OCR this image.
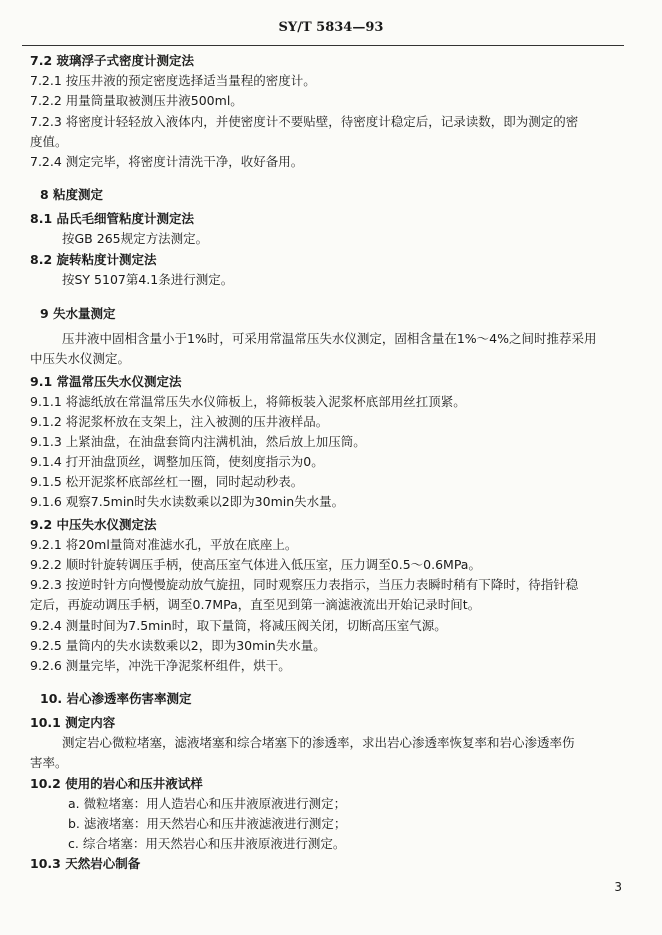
SY/T 5834—93
7.2 玻璃浮子式密度计测定法
7.2.1 按压井液的预定密度选择适当量程的密度计。
7.2.2 用量筒量取被测压井液500ml。
7.2.3 将密度计轻轻放入液体内，并使密度计不要贴壁，待密度计稳定后，记录读数，即为测定的密
度值。
7.2.4 测定完毕，将密度计清洗干净，收好备用。
8 粘度测定
8.1 品氏毛细管粘度计测定法
按GB 265规定方法测定。
8.2 旋转粘度计测定法
按SY 5107第4.1条进行测定。
9 失水量测定
压井液中固相含量小于1%时，可采用常温常压失水仪测定，固相含量在1%～4%之间时推荐采用
中压失水仪测定。
9.1 常温常压失水仪测定法
9.1.1 将滤纸放在常温常压失水仪筛板上，将筛板装入泥浆杯底部用丝扛顶紧。
9.1.2 将泥浆杯放在支架上，注入被测的压井液样品。
9.1.3 上紧油盘，在油盘套筒内注满机油，然后放上加压筒。
9.1.4 打开油盘顶丝，调整加压筒，使刻度指示为0。
9.1.5 松开泥浆杯底部丝杠一圈，同时起动秒表。
9.1.6 观察7.5min时失水读数乘以2即为30min失水量。
9.2 中压失水仪测定法
9.2.1 将20ml量筒对准滤水孔，平放在底座上。
9.2.2 顺时针旋转调压手柄，使高压室气体进入低压室，压力调至0.5～0.6MPa。
9.2.3 按逆时针方向慢慢旋动放气旋扭，同时观察压力表指示，当压力表瞬时稍有下降时，待指针稳
定后，再旋动调压手柄，调至0.7MPa，直至见到第一滴滤液流出开始记录时间t。
9.2.4 测量时间为7.5min时，取下量筒，将减压阀关闭，切断高压室气源。
9.2.5 量筒内的失水读数乘以2，即为30min失水量。
9.2.6 测量完毕，冲洗干净泥浆杯组件，烘干。
10. 岩心渗透率伤害率测定
10.1 测定内容
测定岩心微粒堵塞，滤液堵塞和综合堵塞下的渗透率，求出岩心渗透率恢复率和岩心渗透率伤
害率。
10.2 使用的岩心和压井液试样
a. 微粒堵塞：用人造岩心和压井液原液进行测定；
b. 滤液堵塞：用天然岩心和压井液滤液进行测定；
c. 综合堵塞：用天然岩心和压井液原液进行测定。
10.3 天然岩心制备
3
